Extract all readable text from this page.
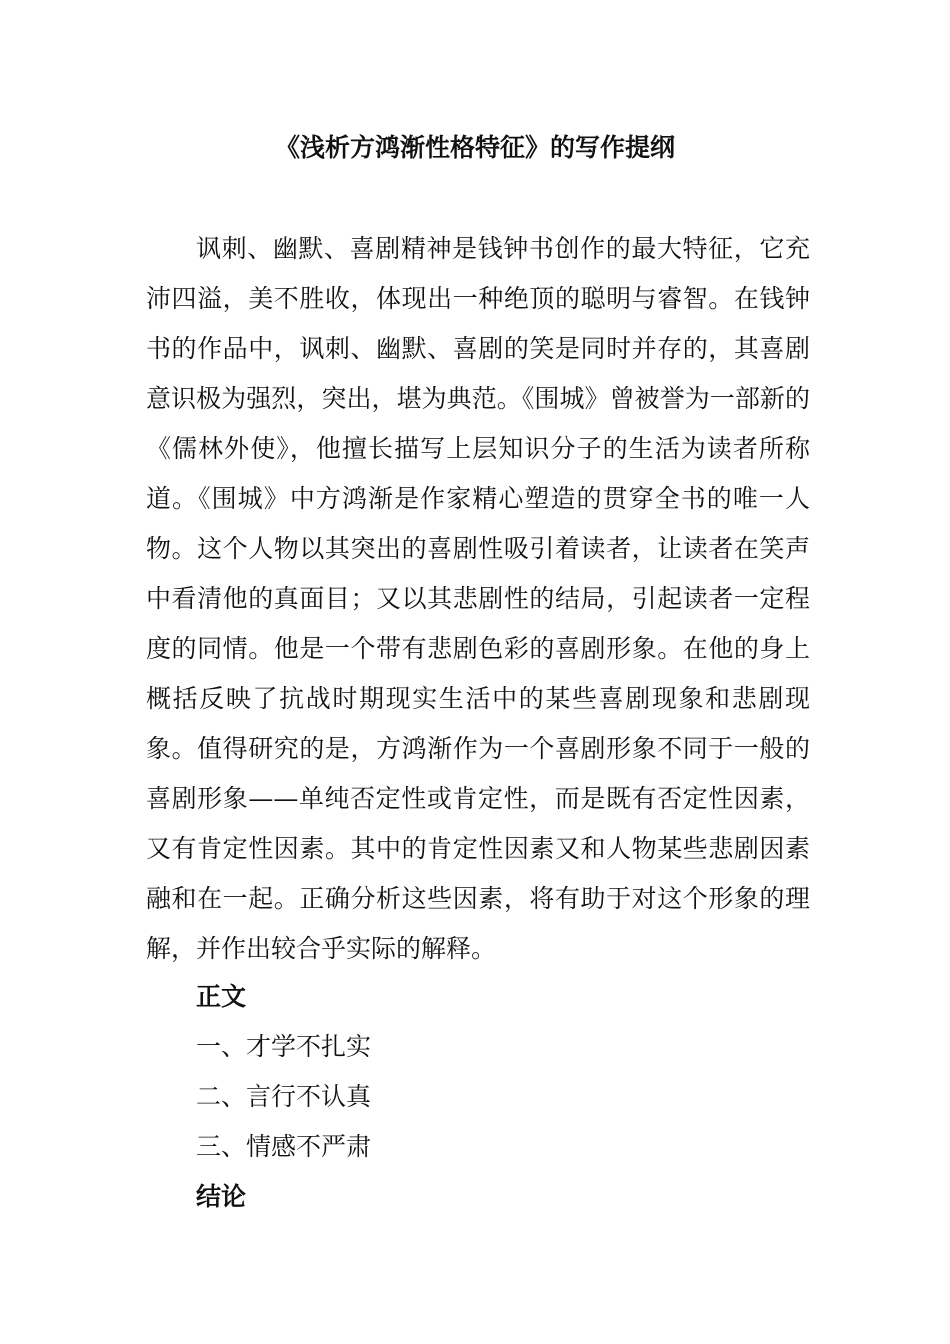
《浅析方鸿渐性格特征》的写作提纲

讽刺、幽默、喜剧精神是钱钟书创作的最大特征，它充沛四溢，美不胜收，体现出一种绝顶的聪明与睿智。在钱钟书的作品中，讽刺、幽默、喜剧的笑是同时并存的，其喜剧意识极为强烈，突出，堪为典范。《围城》曾被誉为一部新的《儒林外使》，他擅长描写上层知识分子的生活为读者所称道。《围城》中方鸿渐是作家精心塑造的贯穿全书的唯一人物。这个人物以其突出的喜剧性吸引着读者，让读者在笑声中看清他的真面目；又以其悲剧性的结局，引起读者一定程度的同情。他是一个带有悲剧色彩的喜剧形象。在他的身上概括反映了抗战时期现实生活中的某些喜剧现象和悲剧现象。值得研究的是，方鸿渐作为一个喜剧形象不同于一般的喜剧形象——单纯否定性或肯定性，而是既有否定性因素，又有肯定性因素。其中的肯定性因素又和人物某些悲剧因素融和在一起。正确分析这些因素，将有助于对这个形象的理解，并作出较合乎实际的解释。

正文
一、才学不扎实
二、言行不认真
三、情感不严肃
结论
